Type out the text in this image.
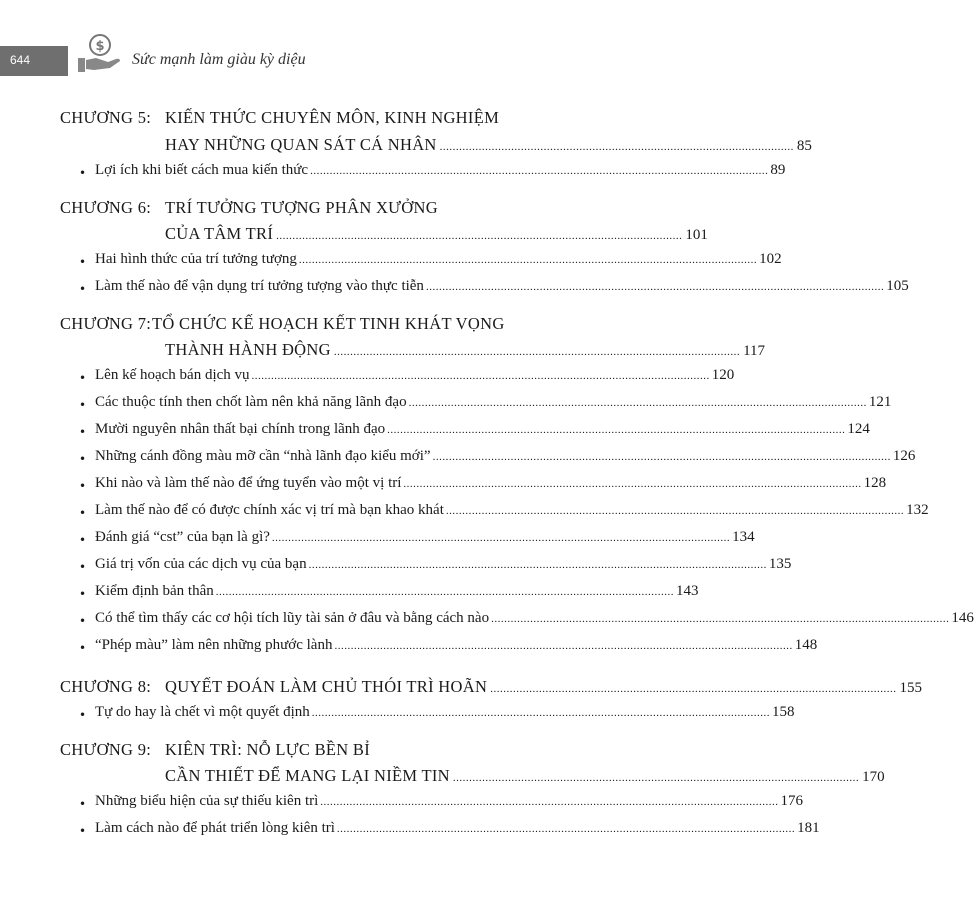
644
$
Sức mạnh làm giàu kỳ diệu
CHƯƠNG 5: KIẾN THỨC CHUYÊN MÔN, KINH NGHIỆM
HAY NHỮNG QUAN SÁT CÁ NHÂN ............................................................................................................. 85
• Lợi ích khi biết cách mua kiến thức ............................................................................................................................................. 89
CHƯƠNG 6: TRÍ TƯỞNG TƯỢNG PHÂN XƯỞNG
CỦA TÂM TRÍ ............................................................................................................................. 101
• Hai hình thức của trí tưởng tượng ............................................................................................................................................. 102
• Làm thế nào để vận dụng trí tưởng tượng vào thực tiễn ............................................................................................................................................. 105
CHƯƠNG 7: TỔ CHỨC KẾ HOẠCH KẾT TINH KHÁT VỌNG
THÀNH HÀNH ĐỘNG ............................................................................................................................. 117
• Lên kế hoạch bán dịch vụ ............................................................................................................................................. 120
• Các thuộc tính then chốt làm nên khả năng lãnh đạo ............................................................................................................................................. 121
• Mười nguyên nhân thất bại chính trong lãnh đạo ............................................................................................................................................. 124
• Những cánh đồng màu mỡ cần “nhà lãnh đạo kiểu mới” ............................................................................................................................................. 126
• Khi nào và làm thế nào để ứng tuyển vào một vị trí ............................................................................................................................................. 128
• Làm thế nào để có được chính xác vị trí mà bạn khao khát ............................................................................................................................................. 132
• Đánh giá “cst” của bạn là gì? ............................................................................................................................................. 134
• Giá trị vốn của các dịch vụ của bạn ............................................................................................................................................. 135
• Kiểm định bản thân ............................................................................................................................................. 143
• Có thể tìm thấy các cơ hội tích lũy tài sản ở đâu và bằng cách nào ............................................................................................................................................. 146
• “Phép màu” làm nên những phước lành ............................................................................................................................................. 148
CHƯƠNG 8: QUYẾT ĐOÁN LÀM CHỦ THÓI TRÌ HOÃN ............................................................................................................................. 155
• Tự do hay là chết vì một quyết định ............................................................................................................................................. 158
CHƯƠNG 9: KIÊN TRÌ: NỖ LỰC BỀN BỈ
CẦN THIẾT ĐỂ MANG LẠI NIỀM TIN ............................................................................................................................. 170
• Những biểu hiện của sự thiếu kiên trì ............................................................................................................................................. 176
• Làm cách nào để phát triển lòng kiên trì ............................................................................................................................................. 181
